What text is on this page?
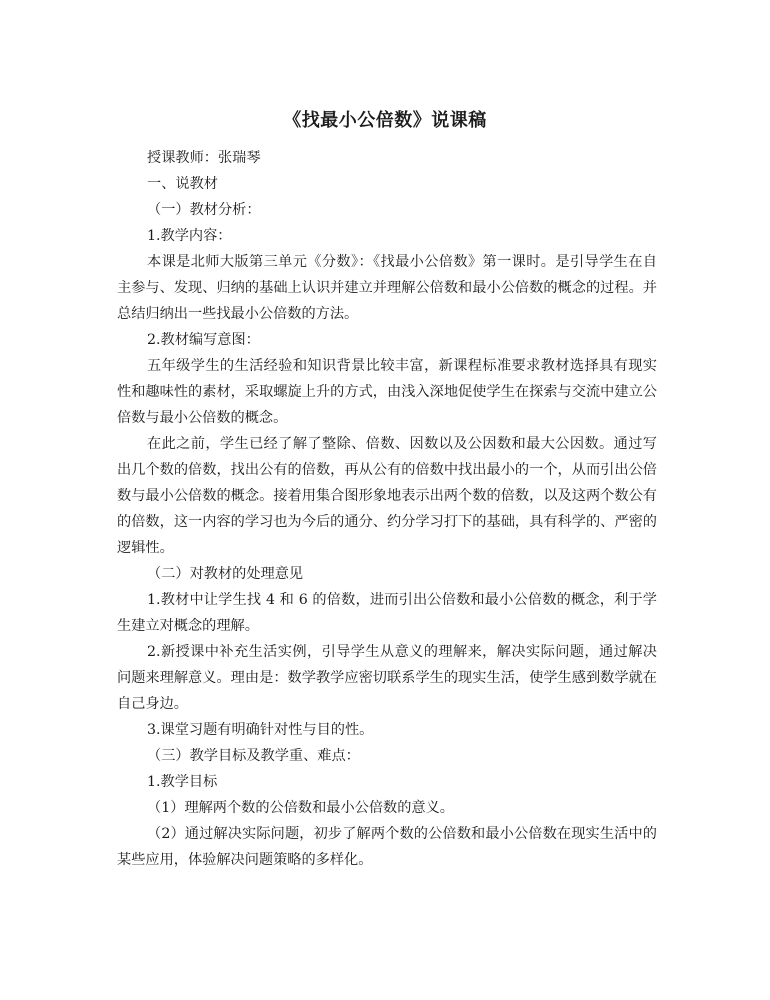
《找最小公倍数》说课稿

授课教师：张瑞琴

一、说教材

（一）教材分析：

1.教学内容：

本课是北师大版第三单元《分数》：《找最小公倍数》第一课时。是引导学生在自主参与、发现、归纳的基础上认识并建立并理解公倍数和最小公倍数的概念的过程。并总结归纳出一些找最小公倍数的方法。

2.教材编写意图：

五年级学生的生活经验和知识背景比较丰富，新课程标准要求教材选择具有现实性和趣味性的素材，采取螺旋上升的方式，由浅入深地促使学生在探索与交流中建立公倍数与最小公倍数的概念。

在此之前，学生已经了解了整除、倍数、因数以及公因数和最大公因数。通过写出几个数的倍数，找出公有的倍数，再从公有的倍数中找出最小的一个，从而引出公倍数与最小公倍数的概念。接着用集合图形象地表示出两个数的倍数，以及这两个数公有的倍数，这一内容的学习也为今后的通分、约分学习打下的基础，具有科学的、严密的逻辑性。

（二）对教材的处理意见

1.教材中让学生找 4 和 6 的倍数，进而引出公倍数和最小公倍数的概念，利于学生建立对概念的理解。

2.新授课中补充生活实例，引导学生从意义的理解来，解决实际问题，通过解决问题来理解意义。理由是：数学教学应密切联系学生的现实生活，使学生感到数学就在自己身边。

3.课堂习题有明确针对性与目的性。

（三）教学目标及教学重、难点：

1.教学目标

（1）理解两个数的公倍数和最小公倍数的意义。

（2）通过解决实际问题，初步了解两个数的公倍数和最小公倍数在现实生活中的某些应用，体验解决问题策略的多样化。
